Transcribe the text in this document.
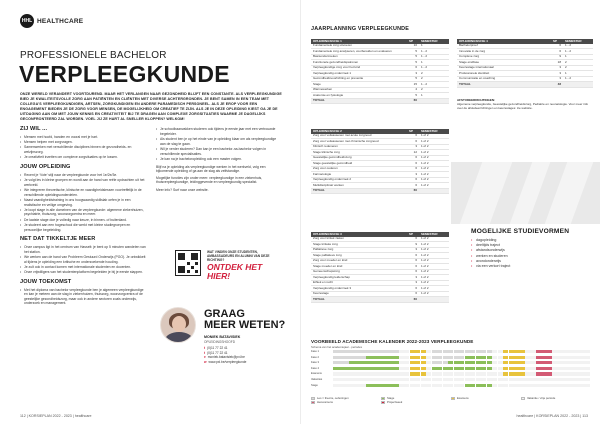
HHL HEALTHCARE
PROFESSIONELE BACHELOR
VERPLEEGKUNDE
ONZE WERELD VERANDERT VOORTDUREND. MAAR HET VERLANGEN NAAR GEZONDHEID BLIJFT EEN CONSTANTE. ALS VERPLEEGKUNDIGE BIED JE KWALITEITSVOLLE ZORG AAN PATIËNTEN EN CLIËNTEN MET DIVERSE ACHTERGRONDEN. JE BENT SAMEN IN EEN TEAM MET COLLEGA'S VERPLEEGKUNDIGEN, ARTSEN, ZORGKUNDIGEN EN ANDERE PARAMEDISCH PERSONEEL. ALS JE EROP VOOR EEN ENGAGEMENT BIEDEN JE DE ZORG VOOR MENSEN, DE MOGELIJKHEID OM CREATIEF TE ZIJN. ALS JE IN DEZE OPLEIDING KIEST GA JE DE UITDAGING AAN OM MET JOUW KENNIS EN CREATIVITEIT BIJ TE DRAGEN AAN COMPLEXE ZORGSITUATIES WAARME JE DAGELIJKS GECONFRONTEERD ZAL WORDEN. VOEL JIJ ZE HART AL SNELLER KLOPPEN? WELKOM!
ZIJ WIL ...
• Mensen met hoofd, handen en vooral met je hart.
• Mensen helpen met zorgvragen.
• Samenwerken met verschillende disciplines binnen de gezondheids- en welzijnszorg.
• Je creativiteit inzetten om complexe zorgsituaties op te lossen.
JOUW OPLEIDING
• Recent je ‘Vote’ stijl naar de verpleegkunde voor het 1e/2e/3e.
• Je volgt les in kleine groepen en wordt aan de hand van reële opdrachten uit het werkveld.
• We integreren theoretische, klinische en vaardigheidslessen voortreffelijk in de verschillende opleidingsonderdelen.
• Naast vaardigheidstraining in ons hoogwaardig skillslab oefen je in een realistische en veilige omgeving.
• Je loopt stage in alle domeinen van de verpleegkunde: algemene ziekenhuizen, psychiatrie, thuiszorg, woonzorgcentra en meer.
• De laatste stage doe je volledig naar keuze, in binnen- of buitenland.
• Je studeert aan een hogeschool die werkt met kleine studiegroepen en persoonlijke begeleiding.
NET DAT TIKKELTJE MEER
• Onze campus ligt in het centrum van Hasselt: je bent op 5 minuten wandelen van het station.
• We werken aan de hand van Probleem Gestuurd Onderwijs (PGO). Je ontwikkelt al tijdens je opleiding een kritische en onderzoekende houding.
• Je zult ook in contact komen met internationale studenten en docenten.
• Onze vrijwilligers van het studentenplatform begeleiden je bij je eerste stappen.
JOUW TOEKOMST
• Met het diploma van bachelor verpleegkunde ben je algemeen verpleegkundige en kan je meteen aan de slag in ziekenhuizen, thuiszorg, woonzorgcentra of de geestelijke gezondheidszorg, maar ook in andere sectoren zoals onderwijs, onderzoek en management.
• Je schoolbaanvakken studeren ook tijdens je eerste jaar met een vertrouwde begeleider.
• Als student ben je op het einde van je opleiding klaar om als verpleegkundige aan de slag te gaan.
• Wil je verder studeren? Dan kan je een bachelor-na-bachelor volgen in verschillende specialisaties.
• Je kan na je bacheloropleiding ook een master volgen.
Blijf na je opleiding als verpleegkundige werken in het werkveld, volg een bijkomende opleiding of ga aan de slag als zelfstandige.
Mogelijke functies zijn onder meer: verpleegkundige in een ziekenhuis, thuisverpleegkundige, leidinggevende en verpleegkundig specialist.
Meer info? Surf naar onze website.
WAT VINDEN ONZE STUDENTEN, AMBASSADEURS EN ALUMNI VAN DEZE RICHTING?
ONTDEK HET HIER!
GRAAG
MEER WETEN?
MONIEK BATAVISIEK
OPLEIDINGSHOOFD
t (0)11 77 22 41
t (0)11 77 22 41
e moniek.batavisiek@pxl.be
w www.pxl.be/verpleegkunde
112 | KORSIEPLAN 2022 - 2023 | healthcare
JAARPLANNING VERPLEEGKUNDE
OPLEIDINGSFASE 1	SP	SEMESTER
Fundamentele zorg uitvoeren	10	1
Fundamentele zorg analyseren, voorbereiden en evalueren	5	1 - 2
Basisonderzoeken	5	1 - 2
Functionele gezondheidspatronen	5	1
Verpleegkundige zorg voor het kind	6	1 - 2
Verpleegkundig onderzoek 1	3	2
Gezondheidsvoorlichting en preventie	5	2
Stage	15	1 - 2
Warmewerken	4	2
Anatomie en fysiologie	5	1
TOTAAL	60	
OPLEIDINGSFASE 2	SP	SEMESTER
Zorg voor volwassenen met acute zorgnood	6	1 of 2
Zorg voor volwassenen met chronische zorgnood	6	1 of 2
Klinisch redeneren	3	1 of 2
Stage klinische zorg	12	1 of 2
Geestelijke gezondheidszorg	6	1 of 2
Stage geestelijke gezondheid	6	1 of 2
Zorg voor ouderen	6	1 of 2
Farmacologie	3	1 of 2
Verpleegkundig onderzoek 2	6	1 of 2
Multidisciplinair werken	6	1 of 2
TOTAAL	60	
OPLEIDINGSFASE 3	SP	SEMESTER
Zorg voor kritiek zieken	6	1 of 2
Stage kritieke zorg	9	1 of 2
Palliatieve zorg	3	1 of 2
Stage palliatieve zorg	6	1 of 2
Zorg voor moeder en kind	6	1 of 2
Stage moeder en kind	6	1 of 2
Gemeenschapszorg	6	1 of 2
Verpleegkundig leiderschap	3	1 of 2
Ethiek en recht	3	1 of 2
Verpleegkundig onderzoek 3	6	1 of 2
Keuzestage	6	1 of 2
TOTAAL	60	
OPLEIDINGSFASE 4	SP	SEMESTER
Bachelorproef	6	1 - 2
Innovatie in de zorg	6	1 - 2
Complexe zorg	9	1
Stage eindfase	18	2
Keuzestage internationaal	3	2
Professionele identiteit	3	1
Communicatie en coaching	3	1 - 2
TOTAAL	48	
AFSTUDEERRICHTINGEN:
Algemene verpleegkunde, Geestelijke gezondheidszorg, Pediatrie en neonatologie. Voor meer info over de afstudeerrichtingen en keuzestages: zie website.
MOGELIJKE STUDIEVORMEN
• dagopleiding
• deeltijds traject
• afstandsonderwijs
• werken en studeren
• avondonderwijs
• via een verkort traject
VOORBEELD ACADEMISCHE KALENDER 2022-2023 VERPLEEGKUNDE
Schema van het academiejaar - periodes
Fase 1
Fase 2
Fase 3
Fase 4
Examens
Vakanties
Stage
Les = theorie, oefeningen	Stage	Examens	Vakantie / vrije periode
Herexamens	Projectweek
healthcare | KORSIEPLAN 2022 - 2023 | 113
